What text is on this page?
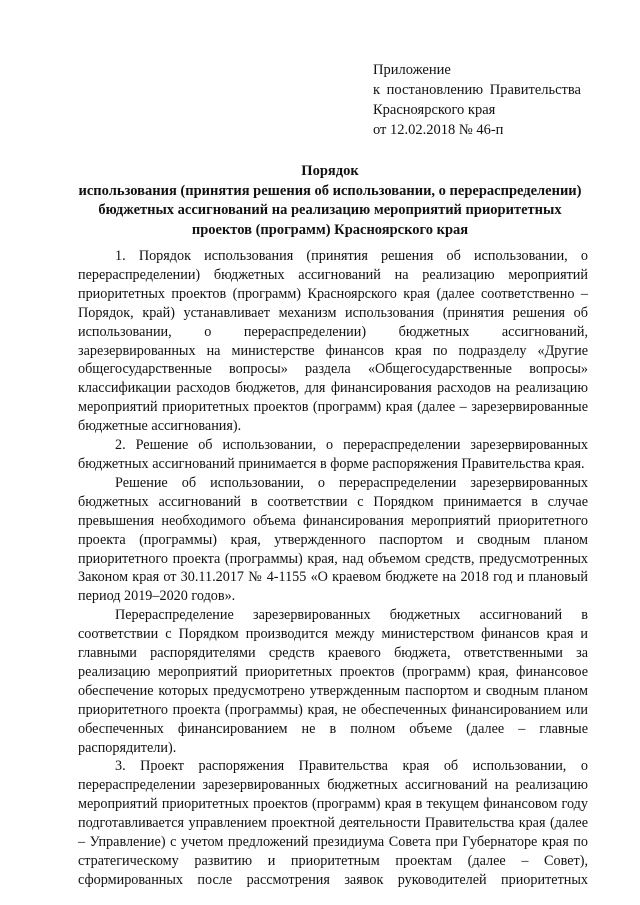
Приложение
к постановлению Правительства
Красноярского края
от 12.02.2018 № 46-п
Порядок
использования (принятия решения об использовании, о перераспределении)
бюджетных ассигнований на реализацию мероприятий приоритетных
проектов (программ) Красноярского края

1. Порядок использования (принятия решения об использовании, о перераспределении) бюджетных ассигнований на реализацию мероприятий приоритетных проектов (программ) Красноярского края (далее соответственно – Порядок, край) устанавливает механизм использования (принятия решения об использовании, о перераспределении) бюджетных ассигнований, зарезервированных на министерстве финансов края по подразделу «Другие общегосударственные вопросы» раздела «Общегосударственные вопросы» классификации расходов бюджетов, для финансирования расходов на реализацию мероприятий приоритетных проектов (программ) края (далее – зарезервированные бюджетные ассигнования).

2. Решение об использовании, о перераспределении зарезервированных бюджетных ассигнований принимается в форме распоряжения Правительства края.

Решение об использовании, о перераспределении зарезервированных бюджетных ассигнований в соответствии с Порядком принимается в случае превышения необходимого объема финансирования мероприятий приоритетного проекта (программы) края, утвержденного паспортом и сводным планом приоритетного проекта (программы) края, над объемом средств, предусмотренных Законом края от 30.11.2017 № 4-1155 «О краевом бюджете на 2018 год и плановый период 2019–2020 годов».

Перераспределение зарезервированных бюджетных ассигнований в соответствии с Порядком производится между министерством финансов края и главными распорядителями средств краевого бюджета, ответственными за реализацию мероприятий приоритетных проектов (программ) края, финансовое обеспечение которых предусмотрено утвержденным паспортом и сводным планом приоритетного проекта (программы) края, не обеспеченных финансированием или обеспеченных финансированием не в полном объеме (далее – главные распорядители).

3. Проект распоряжения Правительства края об использовании, о перераспределении зарезервированных бюджетных ассигнований на реализацию мероприятий приоритетных проектов (программ) края в текущем финансовом году подготавливается управлением проектной деятельности Правительства края (далее – Управление) с учетом предложений президиума Совета при Губернаторе края по стратегическому развитию и приоритетным проектам (далее – Совет), сформированных после рассмотрения заявок руководителей приоритетных
